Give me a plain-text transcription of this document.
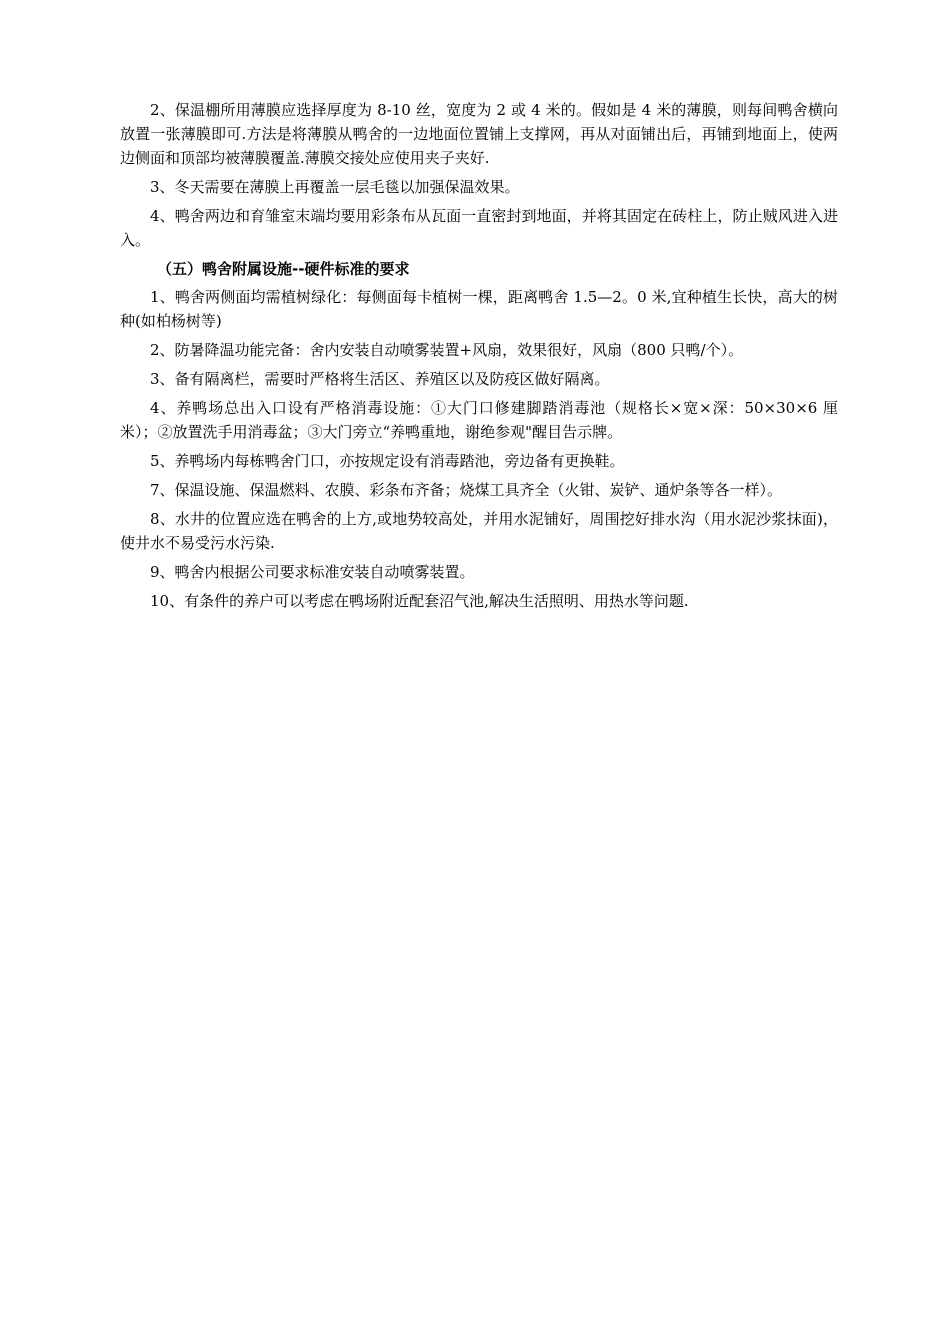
2、保温棚所用薄膜应选择厚度为 8-10 丝，宽度为 2 或 4 米的。假如是 4 米的薄膜，则每间鸭舍横向放置一张薄膜即可.方法是将薄膜从鸭舍的一边地面位置铺上支撑网，再从对面铺出后，再铺到地面上，使两边侧面和顶部均被薄膜覆盖.薄膜交接处应使用夹子夹好.

3、冬天需要在薄膜上再覆盖一层毛毯以加强保温效果。

4、鸭舍两边和育雏室末端均要用彩条布从瓦面一直密封到地面，并将其固定在砖柱上，防止贼风进入进入。

（五）鸭舍附属设施--硬件标准的要求

1、鸭舍两侧面均需植树绿化：每侧面每卡植树一棵，距离鸭舍 1.5—2。0 米,宜种植生长快，高大的树种(如柏杨树等)

2、防暑降温功能完备：舍内安装自动喷雾装置+风扇，效果很好，风扇（800 只鸭/个）。

3、备有隔离栏，需要时严格将生活区、养殖区以及防疫区做好隔离。

4、养鸭场总出入口设有严格消毒设施：①大门口修建脚踏消毒池（规格长×宽×深：50×30×6 厘米）；②放置洗手用消毒盆；③大门旁立“养鸭重地，谢绝参观"醒目告示牌。

5、养鸭场内每栋鸭舍门口，亦按规定设有消毒踏池，旁边备有更换鞋。

7、保温设施、保温燃料、农膜、彩条布齐备；烧煤工具齐全（火钳、炭铲、通炉条等各一样）。

8、水井的位置应选在鸭舍的上方,或地势较高处，并用水泥铺好，周围挖好排水沟（用水泥沙浆抹面)，使井水不易受污水污染.

9、鸭舍内根据公司要求标准安装自动喷雾装置。

10、有条件的养户可以考虑在鸭场附近配套沼气池,解决生活照明、用热水等问题.
